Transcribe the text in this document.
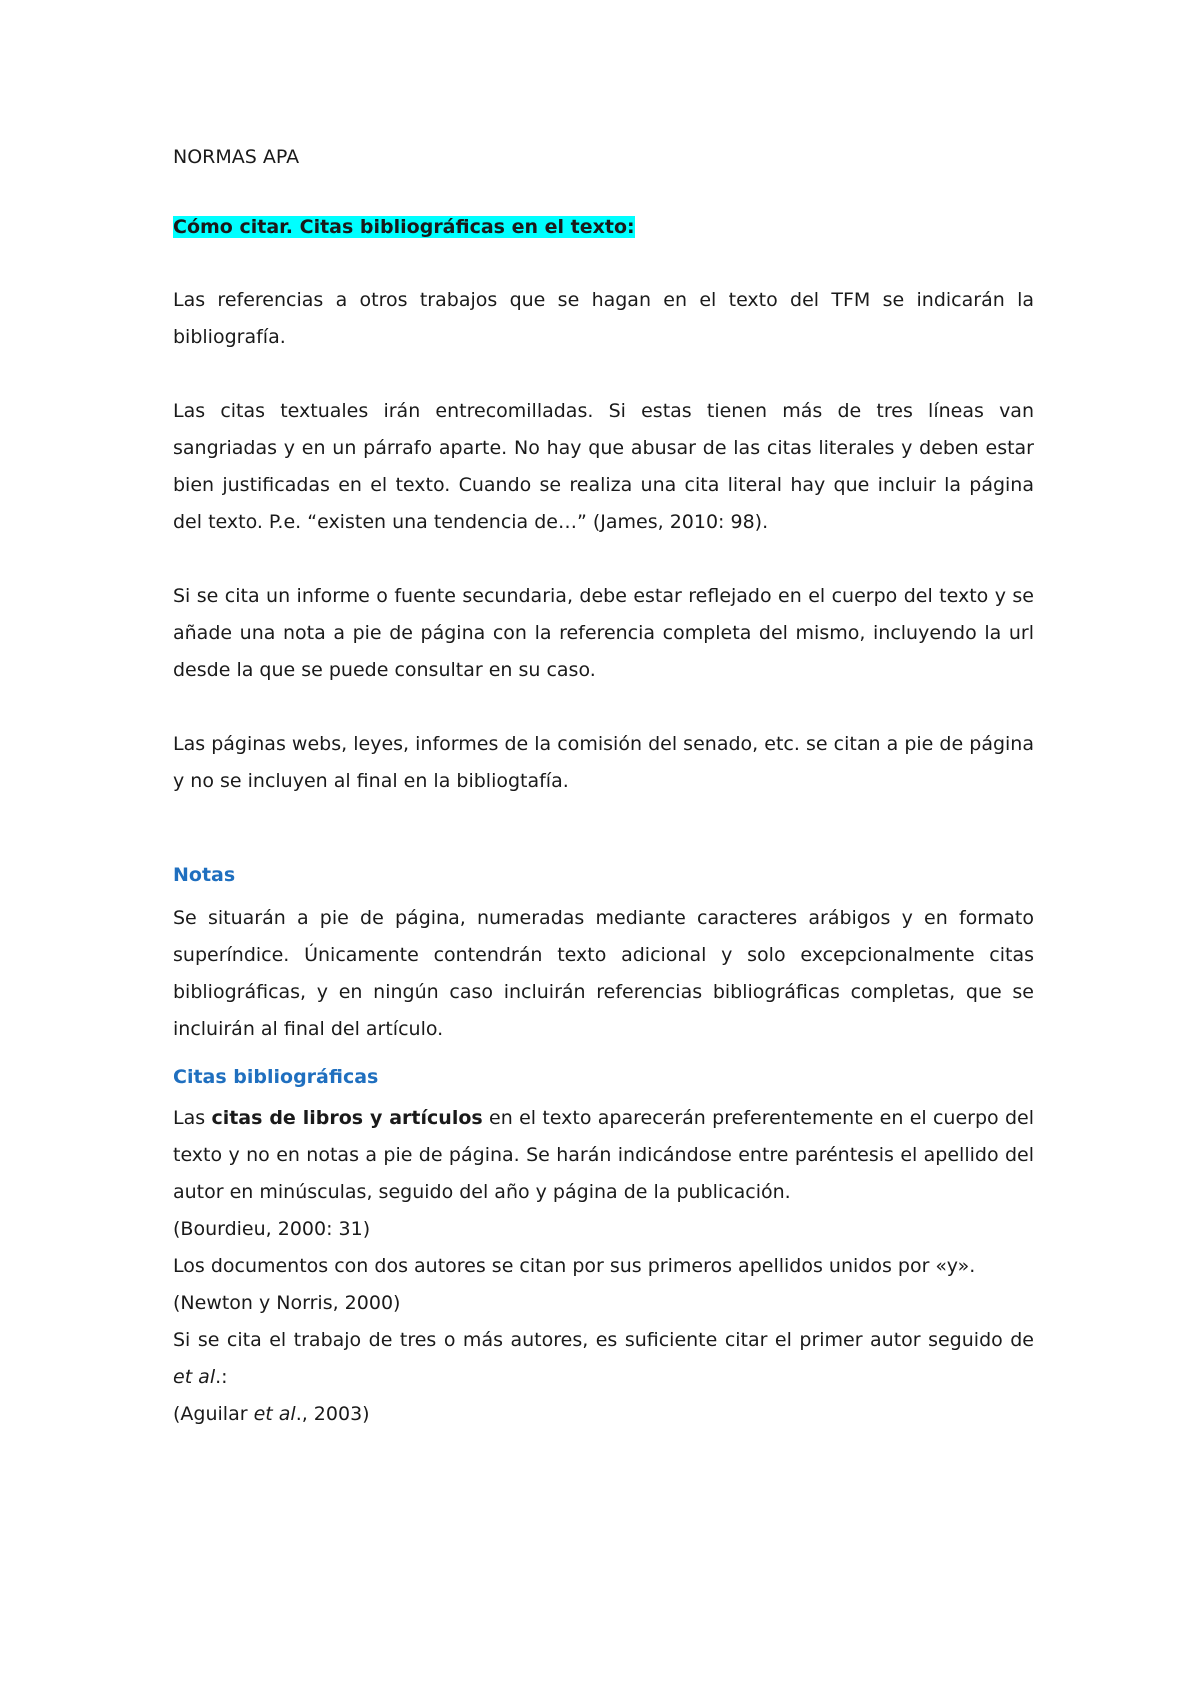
NORMAS APA
Cómo citar. Citas bibliográficas en el texto:

Las referencias a otros trabajos que se hagan en el texto del TFM se indicarán la bibliografía.

Las citas textuales irán entrecomilladas. Si estas tienen más de tres líneas van sangriadas y en un párrafo aparte. No hay que abusar de las citas literales y deben estar bien justificadas en el texto. Cuando se realiza una cita literal hay que incluir la página del texto. P.e. “existen una tendencia de…” (James, 2010: 98).

Si se cita un informe o fuente secundaria, debe estar reflejado en el cuerpo del texto y se añade una nota a pie de página con la referencia completa del mismo, incluyendo la url desde la que se puede consultar en su caso.

Las páginas webs, leyes, informes de la comisión del senado, etc. se citan a pie de página y no se incluyen al final en la bibliogtafía.

Notas

Se situarán a pie de página, numeradas mediante caracteres arábigos y en formato superíndice. Únicamente contendrán texto adicional y solo excepcionalmente citas bibliográficas, y en ningún caso incluirán referencias bibliográficas completas, que se incluirán al final del artículo.

Citas bibliográficas

Las citas de libros y artículos en el texto aparecerán preferentemente en el cuerpo del texto y no en notas a pie de página. Se harán indicándose entre paréntesis el apellido del autor en minúsculas, seguido del año y página de la publicación.

(Bourdieu, 2000: 31)

Los documentos con dos autores se citan por sus primeros apellidos unidos por «y».

(Newton y Norris, 2000)

Si se cita el trabajo de tres o más autores, es suficiente citar el primer autor seguido de et al.:

(Aguilar et al., 2003)
